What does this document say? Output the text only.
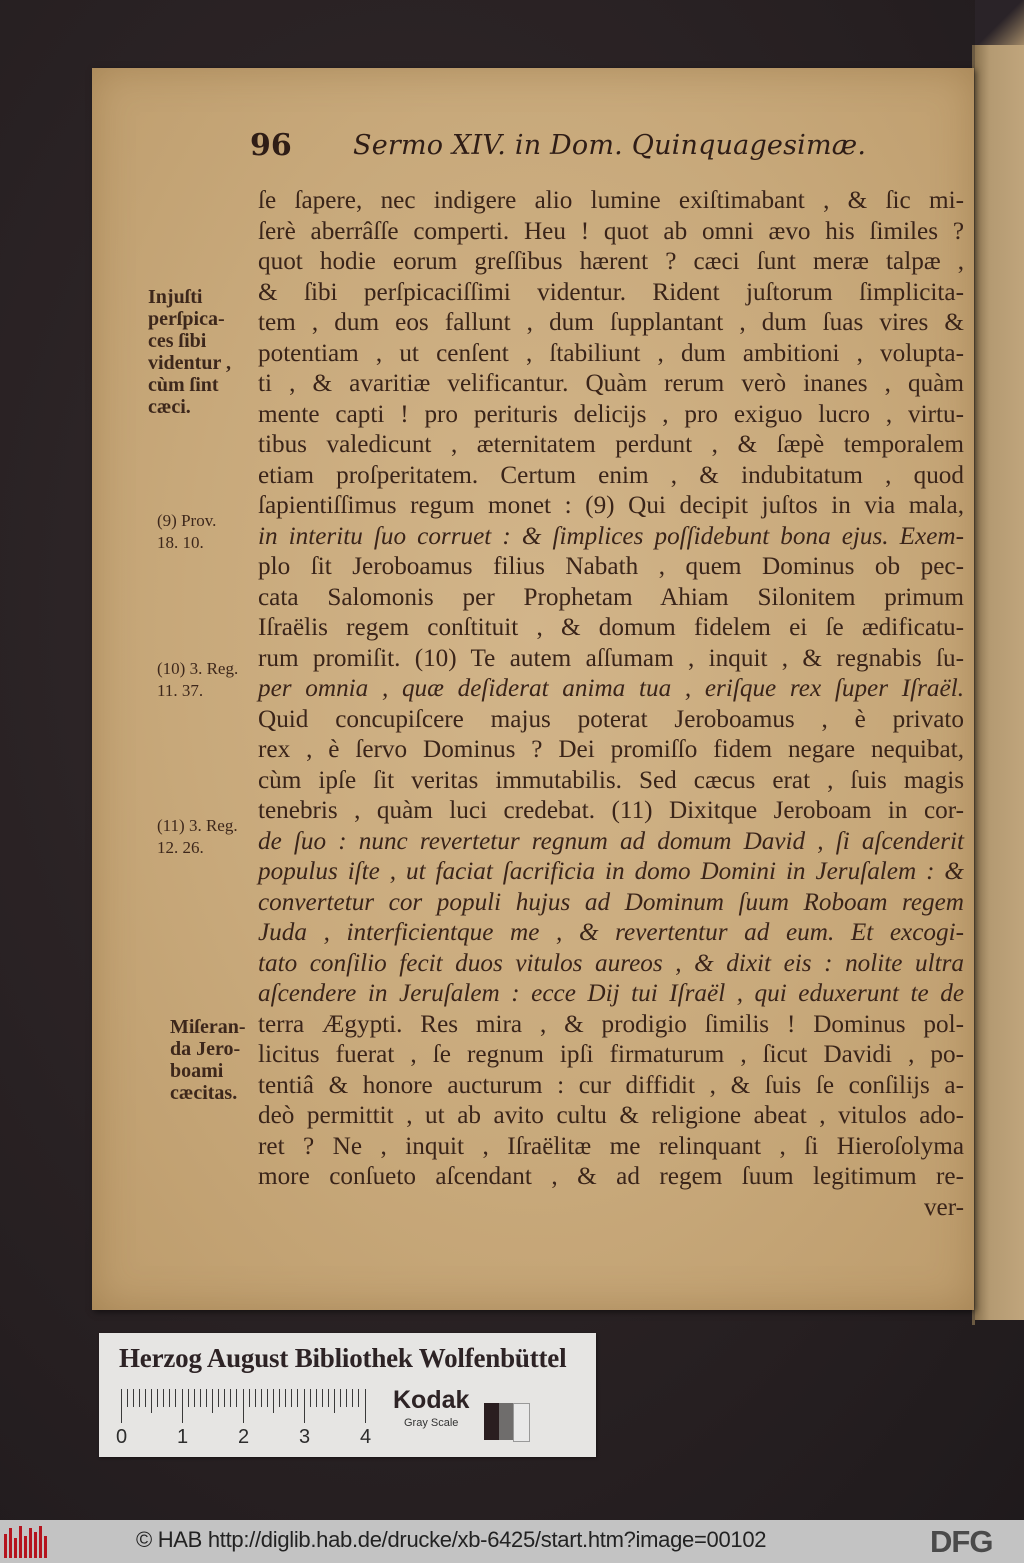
96 Sermo XIV. in Dom. Quinquagesimæ.
ſe ſapere, nec indigere alio lumine exiſtimabant , & ſic mi-
ſerè aberrâſſe comperti. Heu ! quot ab omni ævo his ſimiles ?
quot hodie eorum greſſibus hærent ? cæci ſunt meræ talpæ ,
& ſibi perſpicaciſſimi videntur. Rident juſtorum ſimplicita-
tem , dum eos fallunt , dum ſupplantant , dum ſuas vires &
potentiam , ut cenſent , ſtabiliunt , dum ambitioni , volupta-
ti , & avaritiæ velificantur. Quàm rerum verò inanes , quàm
mente capti ! pro perituris delicijs , pro exiguo lucro , virtu-
tibus valedicunt , æternitatem perdunt , & ſæpè temporalem
etiam proſperitatem. Certum enim , & indubitatum , quod
ſapientiſſimus regum monet : (9) Qui decipit juſtos in via mala,
in interitu ſuo corruet : & ſimplices poſſidebunt bona ejus. Exem-
plo ſit Jeroboamus filius Nabath , quem Dominus ob pec-
cata Salomonis per Prophetam Ahiam Silonitem primum
Iſraëlis regem conſtituit , & domum fidelem ei ſe ædificatu-
rum promiſit. (10) Te autem aſſumam , inquit , & regnabis ſu-
per omnia , quæ deſiderat anima tua , eriſque rex ſuper Iſraël.
Quid concupiſcere majus poterat Jeroboamus , è privato
rex , è ſervo Dominus ? Dei promiſſo fidem negare nequibat,
cùm ipſe ſit veritas immutabilis. Sed cæcus erat , ſuis magis
tenebris , quàm luci credebat. (11) Dixitque Jeroboam in cor-
de ſuo : nunc revertetur regnum ad domum David , ſi aſcenderit
populus iſte , ut faciat ſacrificia in domo Domini in Jeruſalem : &
convertetur cor populi hujus ad Dominum ſuum Roboam regem
Juda , interficientque me , & revertentur ad eum. Et excogi-
tato conſilio fecit duos vitulos aureos , & dixit eis : nolite ultra
aſcendere in Jeruſalem : ecce Dij tui Iſraël , qui eduxerunt te de
terra Ægypti. Res mira , & prodigio ſimilis ! Dominus pol-
licitus fuerat , ſe regnum ipſi firmaturum , ſicut Davidi , po-
tentiâ & honore aucturum : cur diffidit , & ſuis ſe conſilijs a-
deò permittit , ut ab avito cultu & religione abeat , vitulos ado-
ret ? Ne , inquit , Iſraëlitæ me relinquant , ſi Hieroſolyma
more conſueto aſcendant , & ad regem ſuum legitimum re-
ver-
Injuſti
perſpica-
ces ſibi
videntur ,
cùm ſint
cæci.
(9) Prov.
18. 10.
(10) 3. Reg.
11. 37.
(11) 3. Reg.
12. 26.
Miſeran-
da Jero-
boami
cæcitas.
Herzog August Bibliothek Wolfenbüttel
0 1 2 3 4
Kodak
Gray Scale
© HAB http://diglib.hab.de/drucke/xb-6425/start.htm?image=00102	DFG
